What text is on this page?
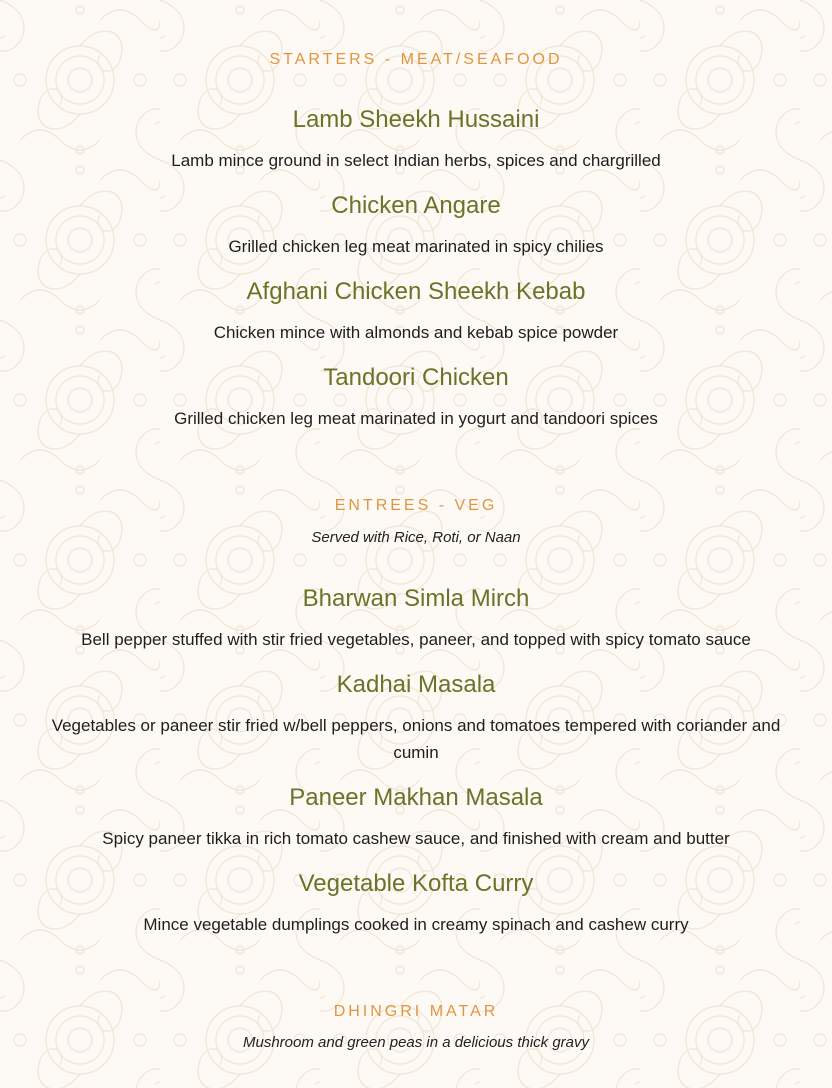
STARTERS - MEAT/SEAFOOD
Lamb Sheekh Hussaini
Lamb mince ground in select Indian herbs, spices and chargrilled
Chicken Angare
Grilled chicken leg meat marinated in spicy chilies
Afghani Chicken Sheekh Kebab
Chicken mince with almonds and kebab spice powder
Tandoori Chicken
Grilled chicken leg meat marinated in yogurt and tandoori spices
ENTREES - VEG
Served with Rice, Roti, or Naan
Bharwan Simla Mirch
Bell pepper stuffed with stir fried vegetables, paneer, and topped with spicy tomato sauce
Kadhai Masala
Vegetables or paneer stir fried w/bell peppers, onions and tomatoes tempered with coriander and cumin
Paneer Makhan Masala
Spicy paneer tikka in rich tomato cashew sauce, and finished with cream and butter
Vegetable Kofta Curry
Mince vegetable dumplings cooked in creamy spinach and cashew curry
DHINGRI MATAR
Mushroom and green peas in a delicious thick gravy
